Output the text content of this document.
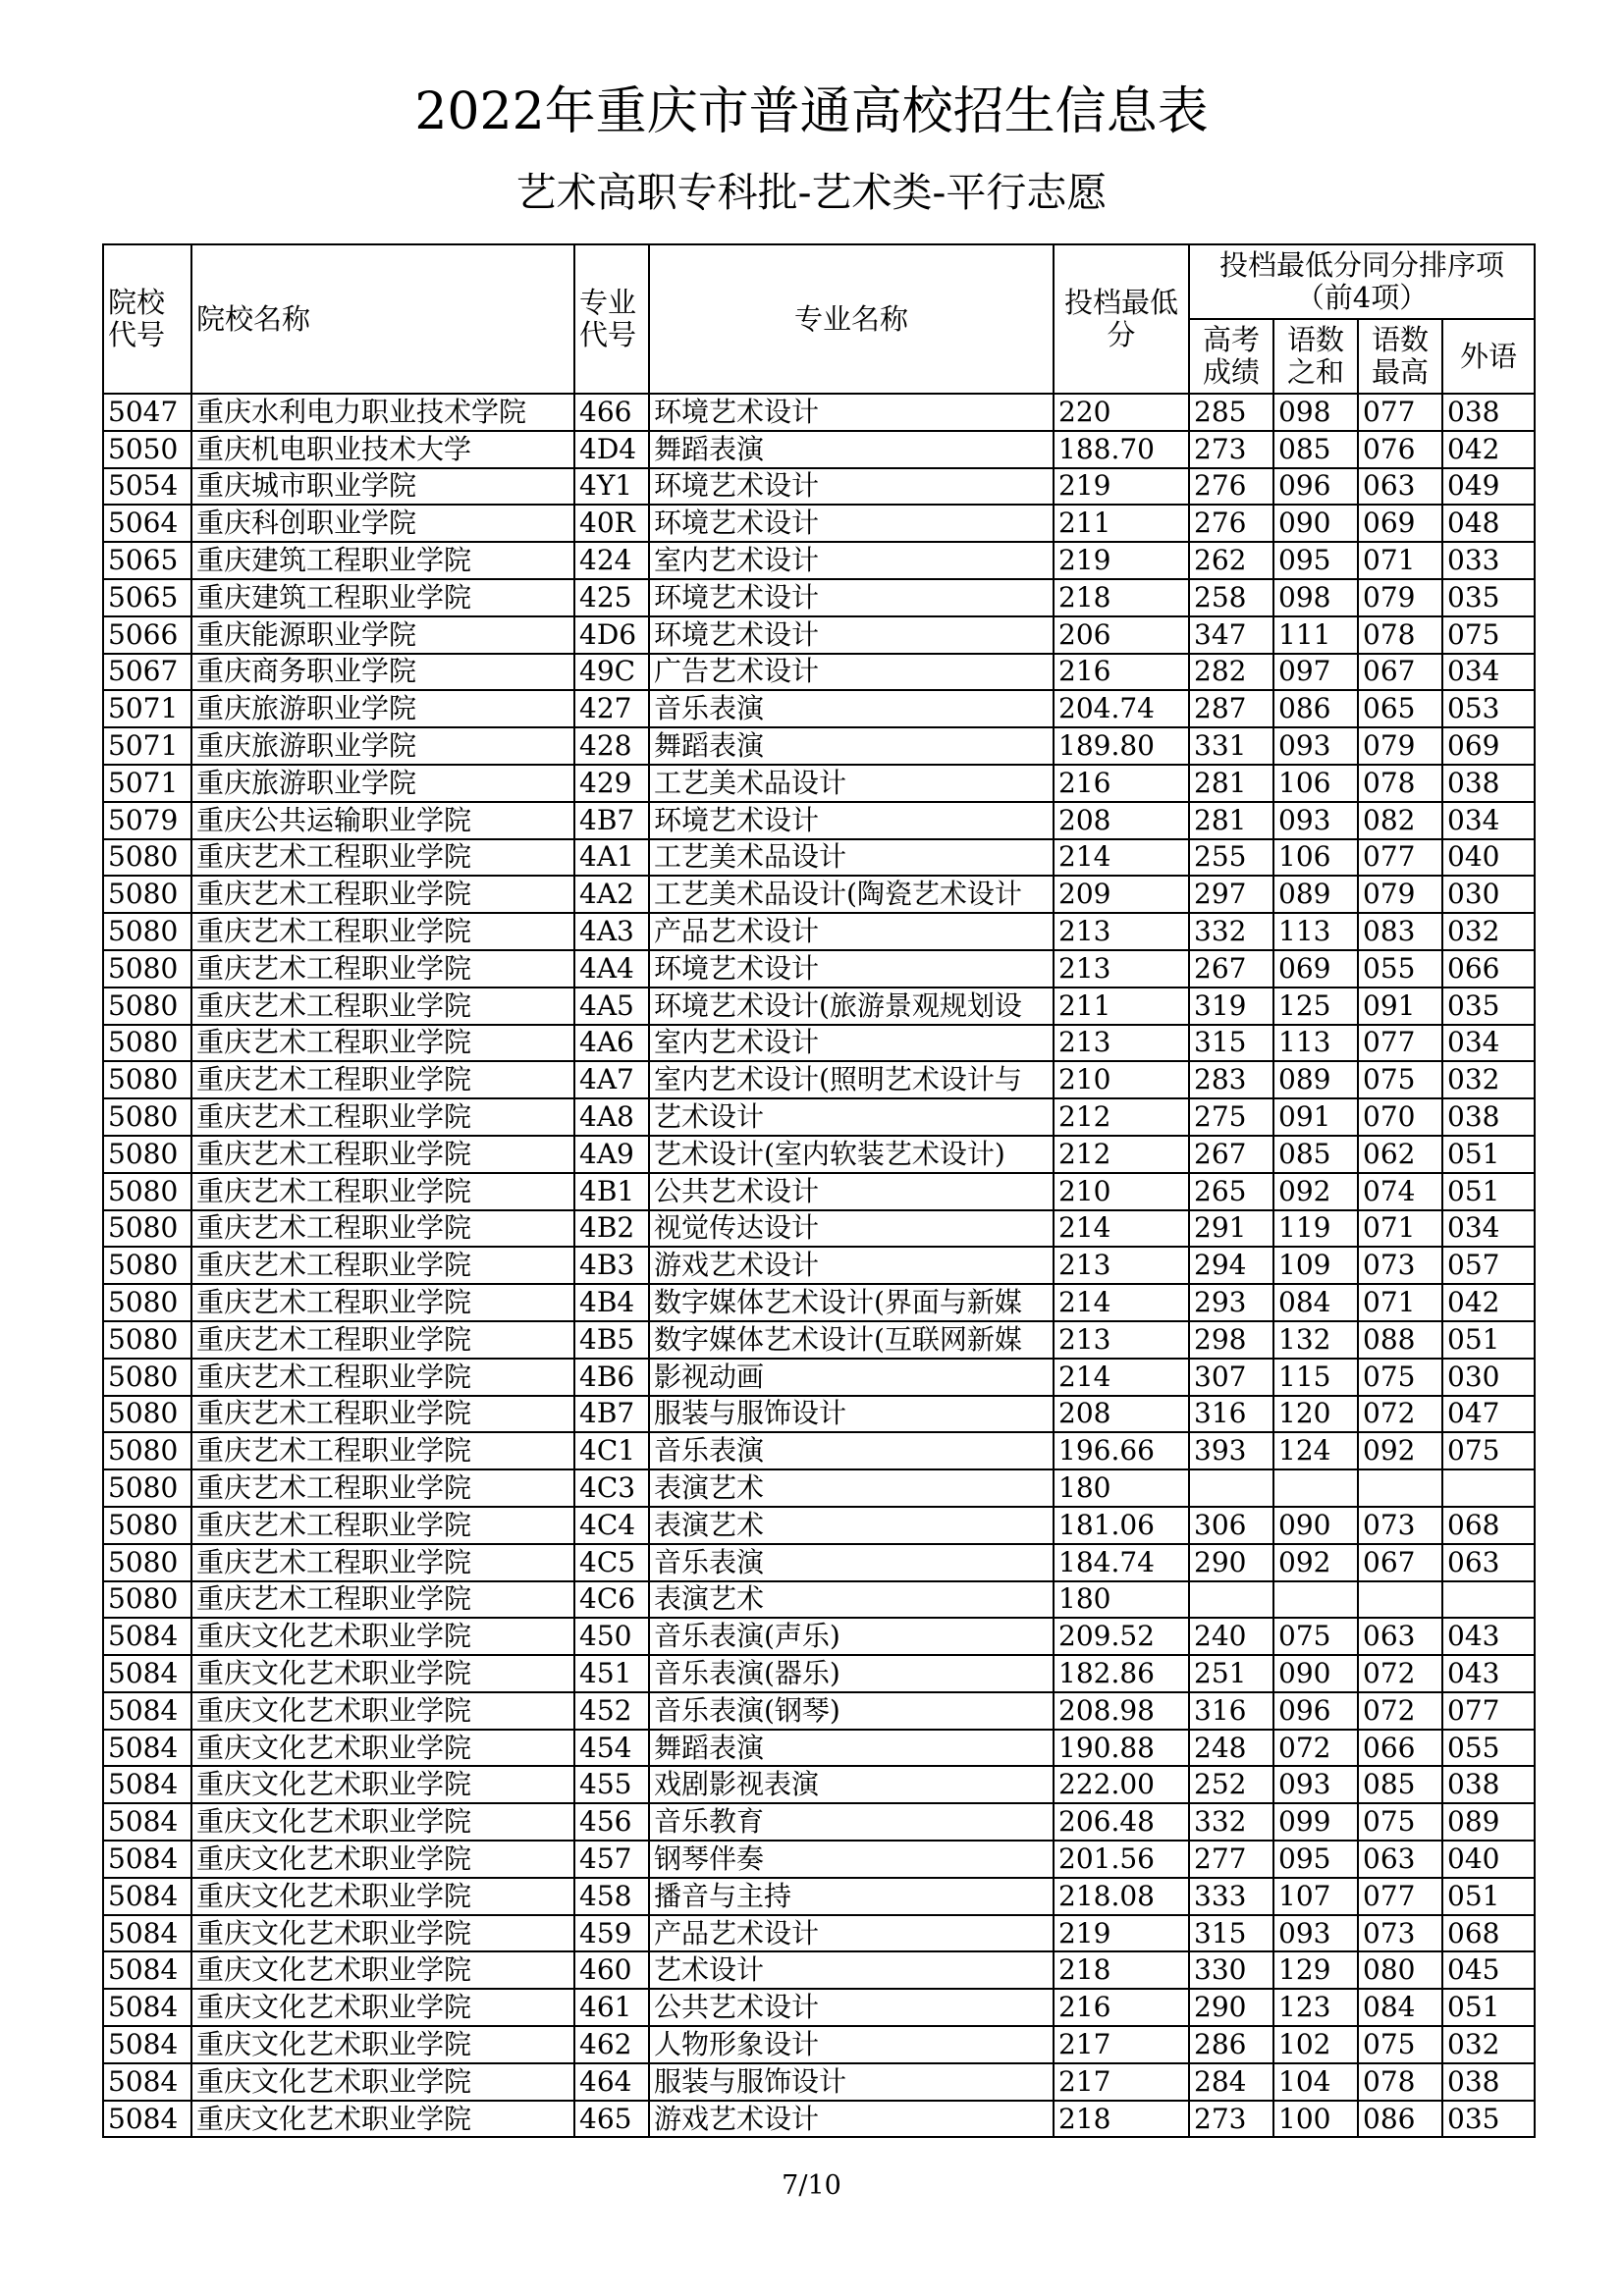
2022年重庆市普通高校招生信息表
艺术高职专科批-艺术类-平行志愿
院校代号	院校名称	专业代号	专业名称	投档最低分	投档最低分同分排序项（前4项）			
					高考成绩	语数之和	语数最高	外语
5047	重庆水利电力职业技术学院	466	环境艺术设计	220	285	098	077	038
5050	重庆机电职业技术大学	4D4	舞蹈表演	188.70	273	085	076	042
5054	重庆城市职业学院	4Y1	环境艺术设计	219	276	096	063	049
5064	重庆科创职业学院	40R	环境艺术设计	211	276	090	069	048
5065	重庆建筑工程职业学院	424	室内艺术设计	219	262	095	071	033
5065	重庆建筑工程职业学院	425	环境艺术设计	218	258	098	079	035
5066	重庆能源职业学院	4D6	环境艺术设计	206	347	111	078	075
5067	重庆商务职业学院	49C	广告艺术设计	216	282	097	067	034
5071	重庆旅游职业学院	427	音乐表演	204.74	287	086	065	053
5071	重庆旅游职业学院	428	舞蹈表演	189.80	331	093	079	069
5071	重庆旅游职业学院	429	工艺美术品设计	216	281	106	078	038
5079	重庆公共运输职业学院	4B7	环境艺术设计	208	281	093	082	034
5080	重庆艺术工程职业学院	4A1	工艺美术品设计	214	255	106	077	040
5080	重庆艺术工程职业学院	4A2	工艺美术品设计(陶瓷艺术设计	209	297	089	079	030
5080	重庆艺术工程职业学院	4A3	产品艺术设计	213	332	113	083	032
5080	重庆艺术工程职业学院	4A4	环境艺术设计	213	267	069	055	066
5080	重庆艺术工程职业学院	4A5	环境艺术设计(旅游景观规划设	211	319	125	091	035
5080	重庆艺术工程职业学院	4A6	室内艺术设计	213	315	113	077	034
5080	重庆艺术工程职业学院	4A7	室内艺术设计(照明艺术设计与	210	283	089	075	032
5080	重庆艺术工程职业学院	4A8	艺术设计	212	275	091	070	038
5080	重庆艺术工程职业学院	4A9	艺术设计(室内软装艺术设计)	212	267	085	062	051
5080	重庆艺术工程职业学院	4B1	公共艺术设计	210	265	092	074	051
5080	重庆艺术工程职业学院	4B2	视觉传达设计	214	291	119	071	034
5080	重庆艺术工程职业学院	4B3	游戏艺术设计	213	294	109	073	057
5080	重庆艺术工程职业学院	4B4	数字媒体艺术设计(界面与新媒	214	293	084	071	042
5080	重庆艺术工程职业学院	4B5	数字媒体艺术设计(互联网新媒	213	298	132	088	051
5080	重庆艺术工程职业学院	4B6	影视动画	214	307	115	075	030
5080	重庆艺术工程职业学院	4B7	服装与服饰设计	208	316	120	072	047
5080	重庆艺术工程职业学院	4C1	音乐表演	196.66	393	124	092	075
5080	重庆艺术工程职业学院	4C3	表演艺术	180				
5080	重庆艺术工程职业学院	4C4	表演艺术	181.06	306	090	073	068
5080	重庆艺术工程职业学院	4C5	音乐表演	184.74	290	092	067	063
5080	重庆艺术工程职业学院	4C6	表演艺术	180				
5084	重庆文化艺术职业学院	450	音乐表演(声乐)	209.52	240	075	063	043
5084	重庆文化艺术职业学院	451	音乐表演(器乐)	182.86	251	090	072	043
5084	重庆文化艺术职业学院	452	音乐表演(钢琴)	208.98	316	096	072	077
5084	重庆文化艺术职业学院	454	舞蹈表演	190.88	248	072	066	055
5084	重庆文化艺术职业学院	455	戏剧影视表演	222.00	252	093	085	038
5084	重庆文化艺术职业学院	456	音乐教育	206.48	332	099	075	089
5084	重庆文化艺术职业学院	457	钢琴伴奏	201.56	277	095	063	040
5084	重庆文化艺术职业学院	458	播音与主持	218.08	333	107	077	051
5084	重庆文化艺术职业学院	459	产品艺术设计	219	315	093	073	068
5084	重庆文化艺术职业学院	460	艺术设计	218	330	129	080	045
5084	重庆文化艺术职业学院	461	公共艺术设计	216	290	123	084	051
5084	重庆文化艺术职业学院	462	人物形象设计	217	286	102	075	032
5084	重庆文化艺术职业学院	464	服装与服饰设计	217	284	104	078	038
5084	重庆文化艺术职业学院	465	游戏艺术设计	218	273	100	086	035
7/10
